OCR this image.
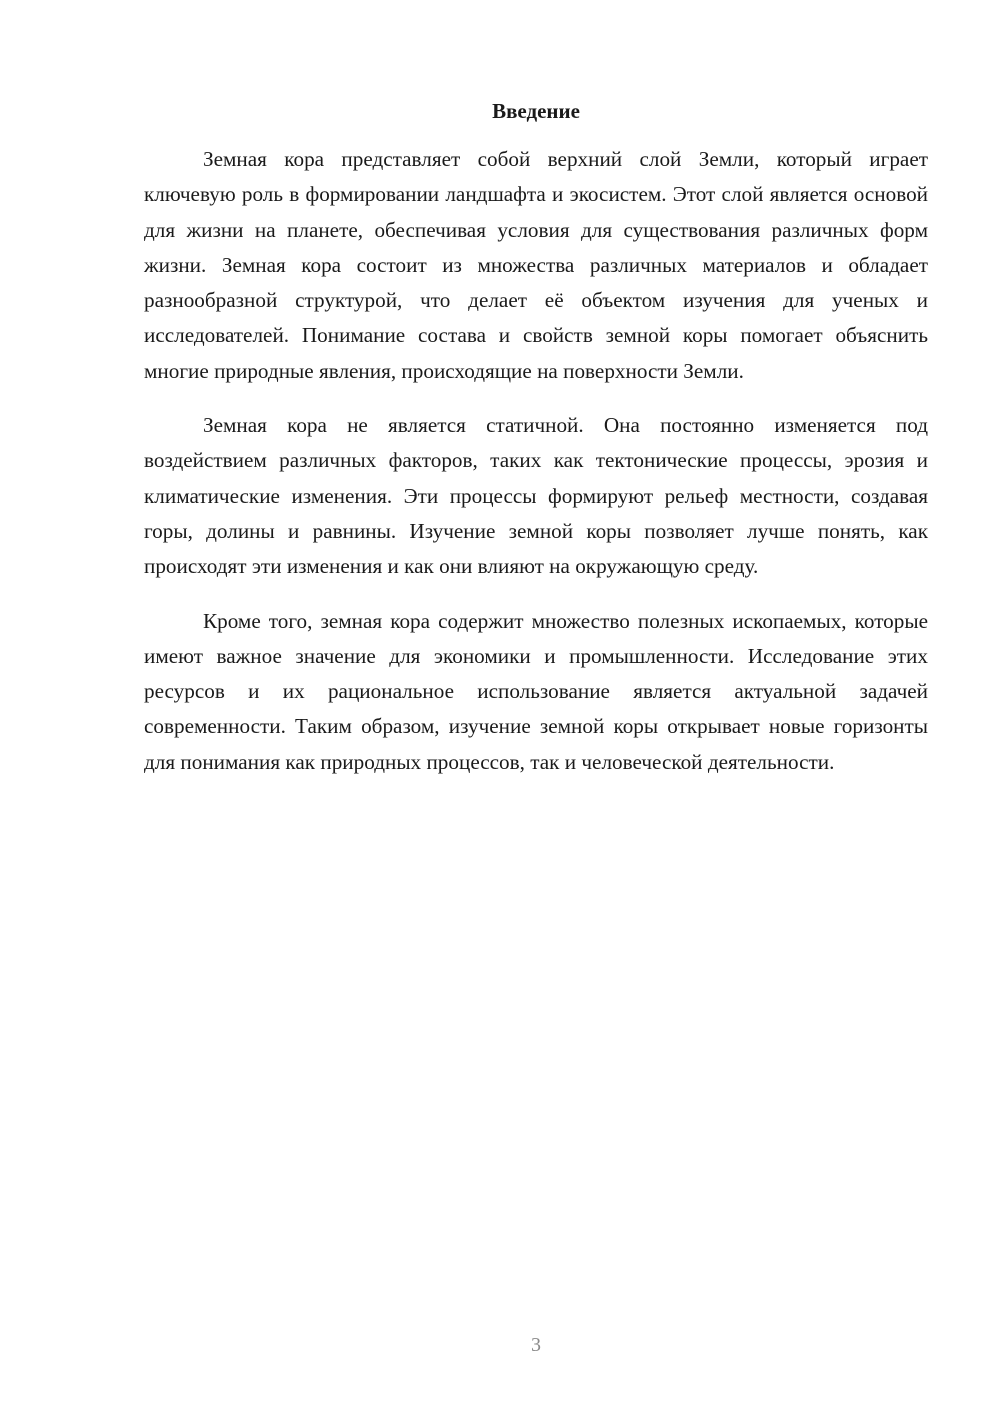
Введение

Земная кора представляет собой верхний слой Земли, который играет ключевую роль в формировании ландшафта и экосистем. Этот слой является основой для жизни на планете, обеспечивая условия для существования различных форм жизни. Земная кора состоит из множества различных материалов и обладает разнообразной структурой, что делает её объектом изучения для ученых и исследователей. Понимание состава и свойств земной коры помогает объяснить многие природные явления, происходящие на поверхности Земли.

Земная кора не является статичной. Она постоянно изменяется под воздействием различных факторов, таких как тектонические процессы, эрозия и климатические изменения. Эти процессы формируют рельеф местности, создавая горы, долины и равнины. Изучение земной коры позволяет лучше понять, как происходят эти изменения и как они влияют на окружающую среду.

Кроме того, земная кора содержит множество полезных ископаемых, которые имеют важное значение для экономики и промышленности. Исследование этих ресурсов и их рациональное использование является актуальной задачей современности. Таким образом, изучение земной коры открывает новые горизонты для понимания как природных процессов, так и человеческой деятельности.

3
